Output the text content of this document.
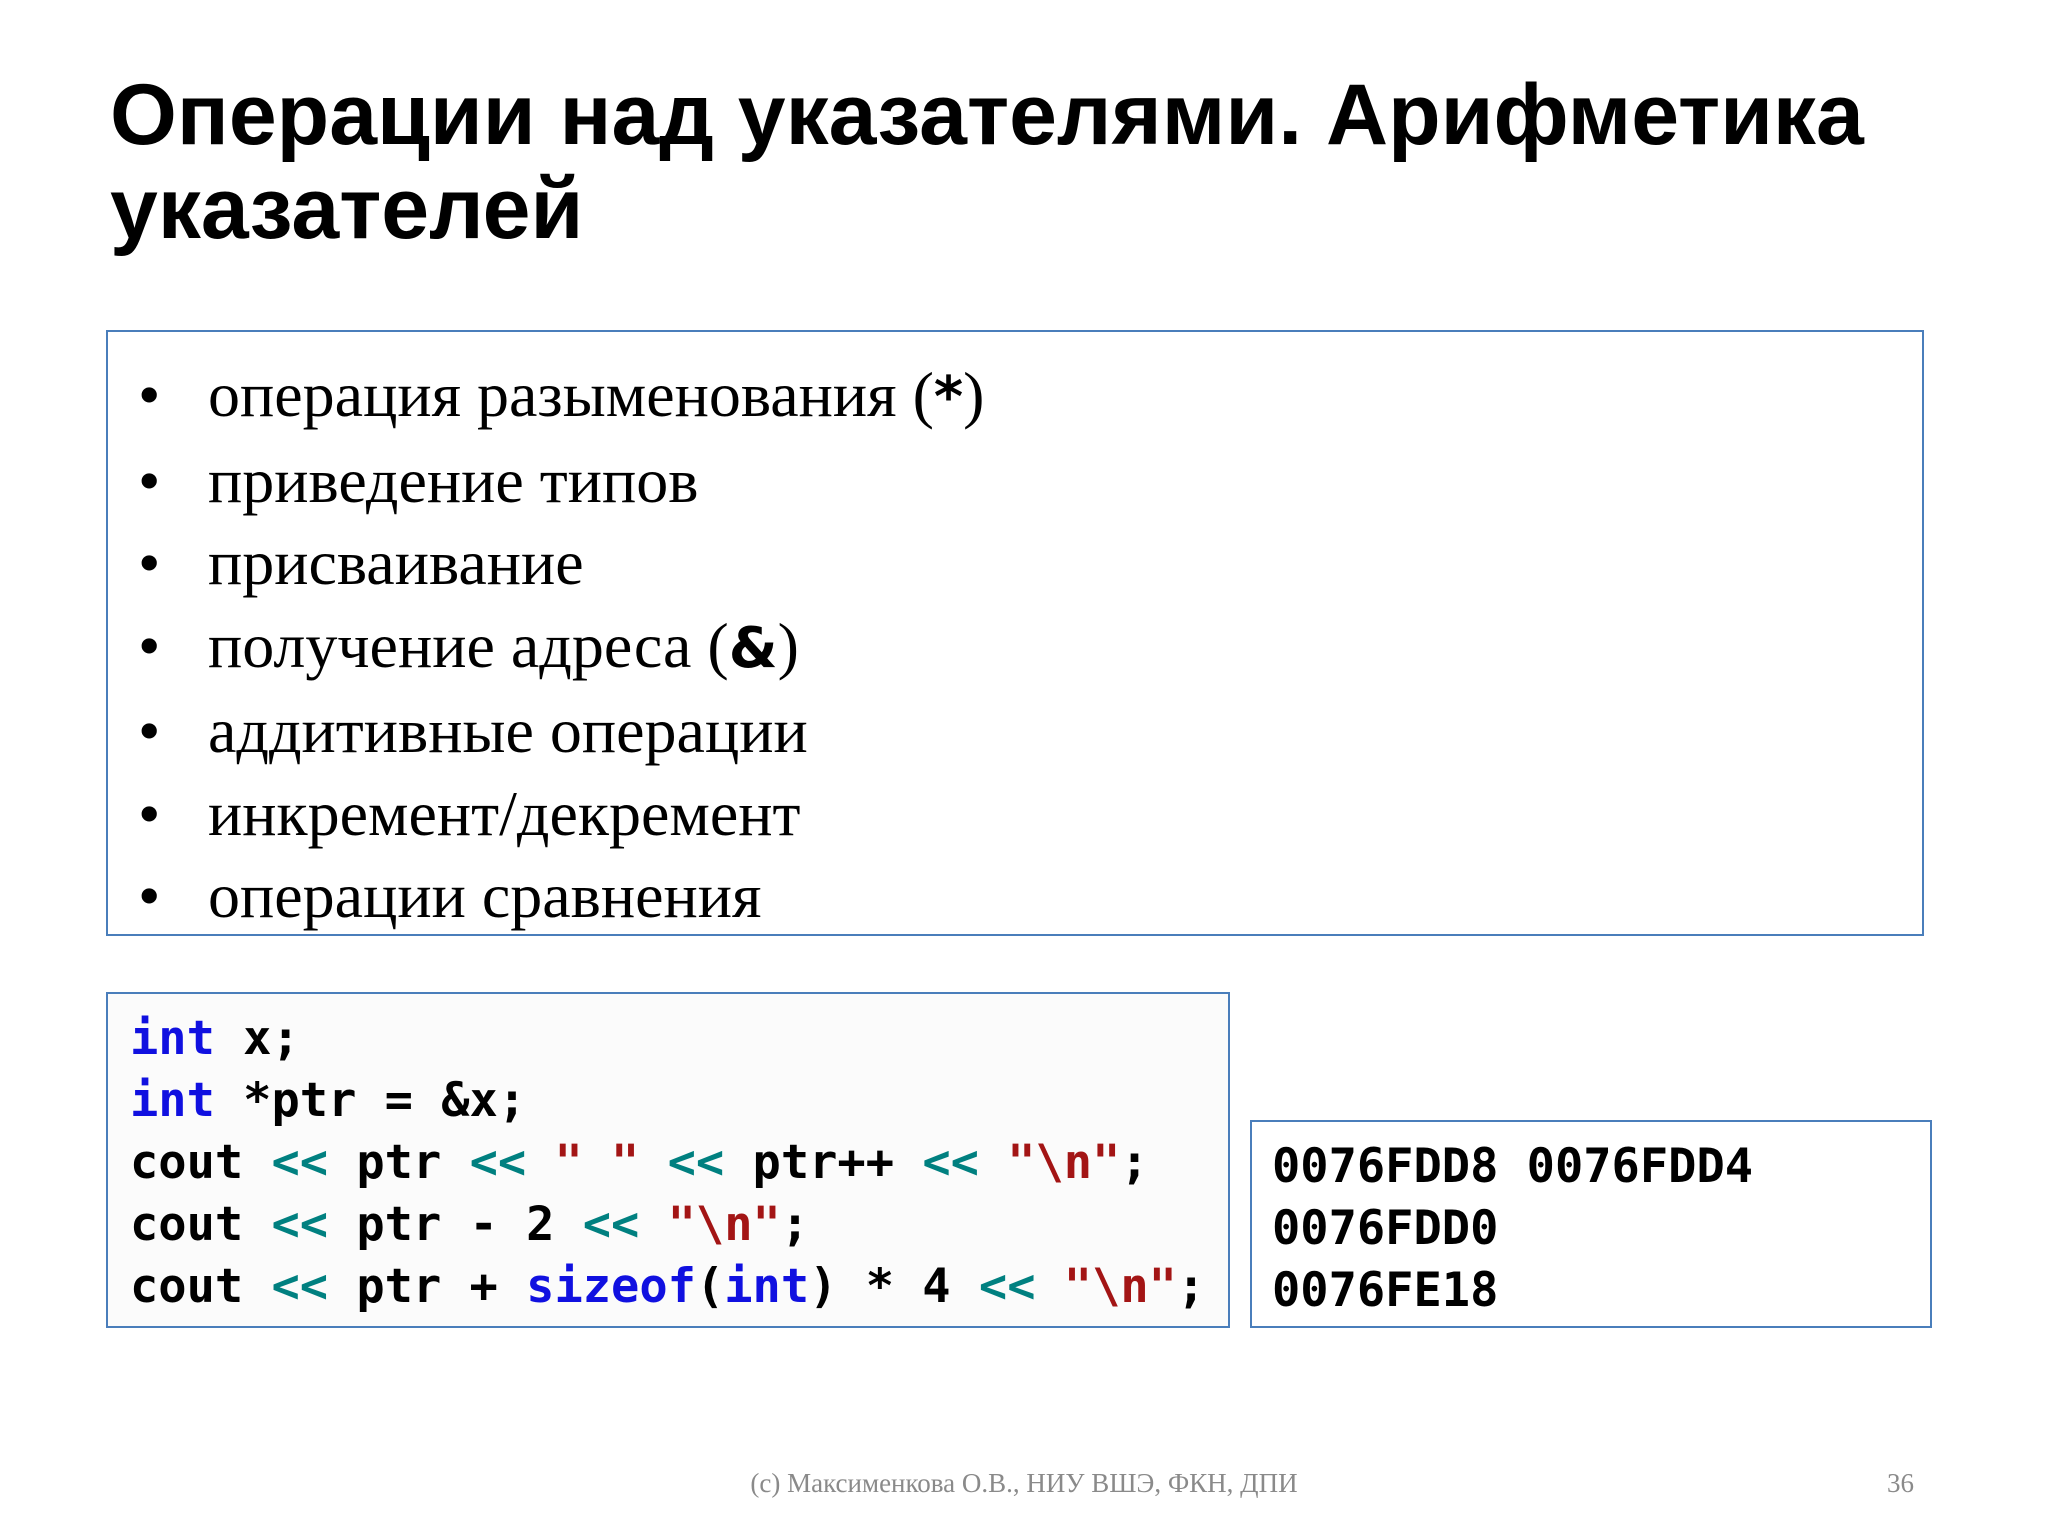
Операции над указателями. Арифметика указателей
• операция разыменования ( * )
• приведение типов
• присваивание
• получение адреса ( & )
• аддитивные операции
• инкремент/декремент
• операции сравнения
int x;
int *ptr = &x;
cout << ptr << " " << ptr++ << "\n";
cout << ptr - 2 << "\n";
cout << ptr + sizeof(int) * 4 << "\n";
0076FDD8 0076FDD4
0076FDD0
0076FE18
(c) Максименкова О.В., НИУ ВШЭ, ФКН, ДПИ	36
